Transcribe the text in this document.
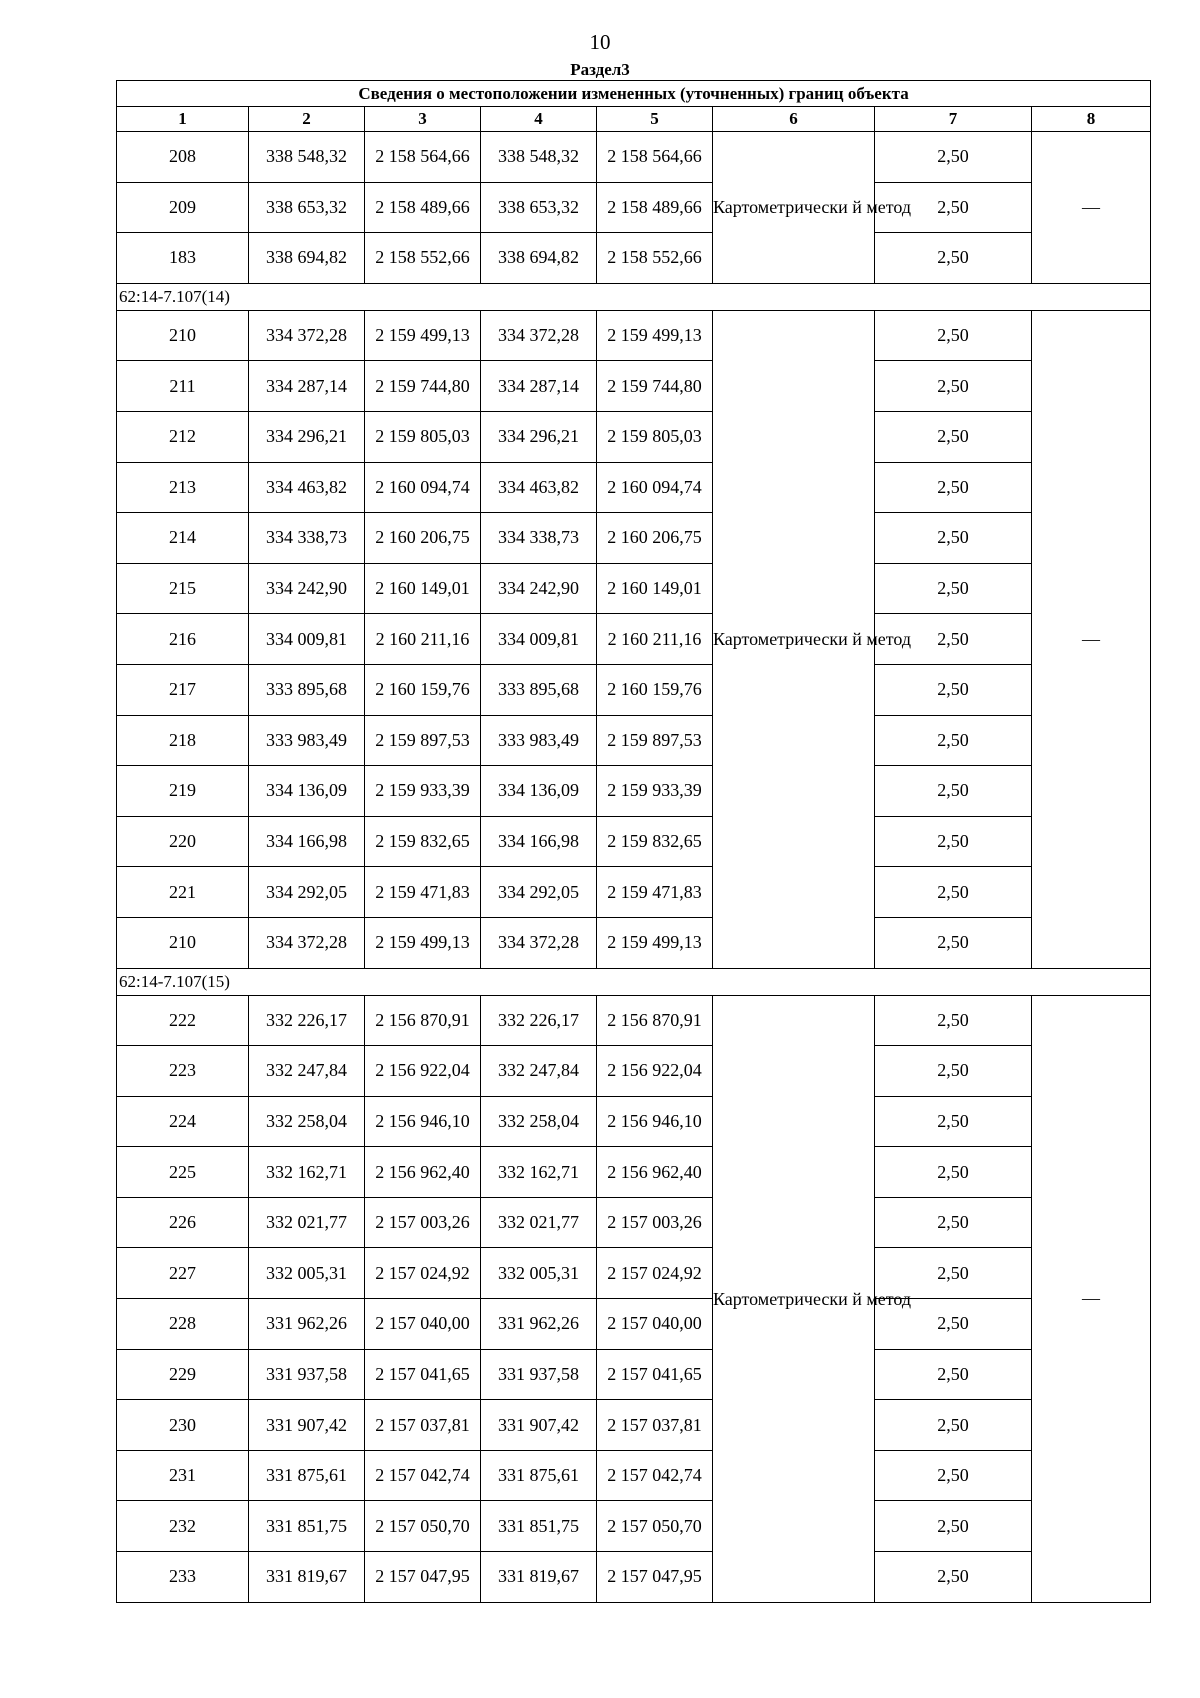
10
Раздел3
Сведения о местоположении измененных (уточненных) границ объекта							
1	2	3	4	5	6	7	8
208	338 548,32	2 158 564,66	338 548,32	2 158 564,66	Картометрически й метод	2,50	—
209	338 653,32	2 158 489,66	338 653,32	2 158 489,66		2,50	
183	338 694,82	2 158 552,66	338 694,82	2 158 552,66		2,50	
62:14-7.107(14)							
210	334 372,28	2 159 499,13	334 372,28	2 159 499,13	Картометрически й метод	2,50	—
211	334 287,14	2 159 744,80	334 287,14	2 159 744,80		2,50	
212	334 296,21	2 159 805,03	334 296,21	2 159 805,03		2,50	
213	334 463,82	2 160 094,74	334 463,82	2 160 094,74		2,50	
214	334 338,73	2 160 206,75	334 338,73	2 160 206,75		2,50	
215	334 242,90	2 160 149,01	334 242,90	2 160 149,01		2,50	
216	334 009,81	2 160 211,16	334 009,81	2 160 211,16		2,50	
217	333 895,68	2 160 159,76	333 895,68	2 160 159,76		2,50	
218	333 983,49	2 159 897,53	333 983,49	2 159 897,53		2,50	
219	334 136,09	2 159 933,39	334 136,09	2 159 933,39		2,50	
220	334 166,98	2 159 832,65	334 166,98	2 159 832,65		2,50	
221	334 292,05	2 159 471,83	334 292,05	2 159 471,83		2,50	
210	334 372,28	2 159 499,13	334 372,28	2 159 499,13		2,50	
62:14-7.107(15)							
222	332 226,17	2 156 870,91	332 226,17	2 156 870,91	Картометрически й метод	2,50	—
223	332 247,84	2 156 922,04	332 247,84	2 156 922,04		2,50	
224	332 258,04	2 156 946,10	332 258,04	2 156 946,10		2,50	
225	332 162,71	2 156 962,40	332 162,71	2 156 962,40		2,50	
226	332 021,77	2 157 003,26	332 021,77	2 157 003,26		2,50	
227	332 005,31	2 157 024,92	332 005,31	2 157 024,92		2,50	
228	331 962,26	2 157 040,00	331 962,26	2 157 040,00		2,50	
229	331 937,58	2 157 041,65	331 937,58	2 157 041,65		2,50	
230	331 907,42	2 157 037,81	331 907,42	2 157 037,81		2,50	
231	331 875,61	2 157 042,74	331 875,61	2 157 042,74		2,50	
232	331 851,75	2 157 050,70	331 851,75	2 157 050,70		2,50	
233	331 819,67	2 157 047,95	331 819,67	2 157 047,95		2,50	
